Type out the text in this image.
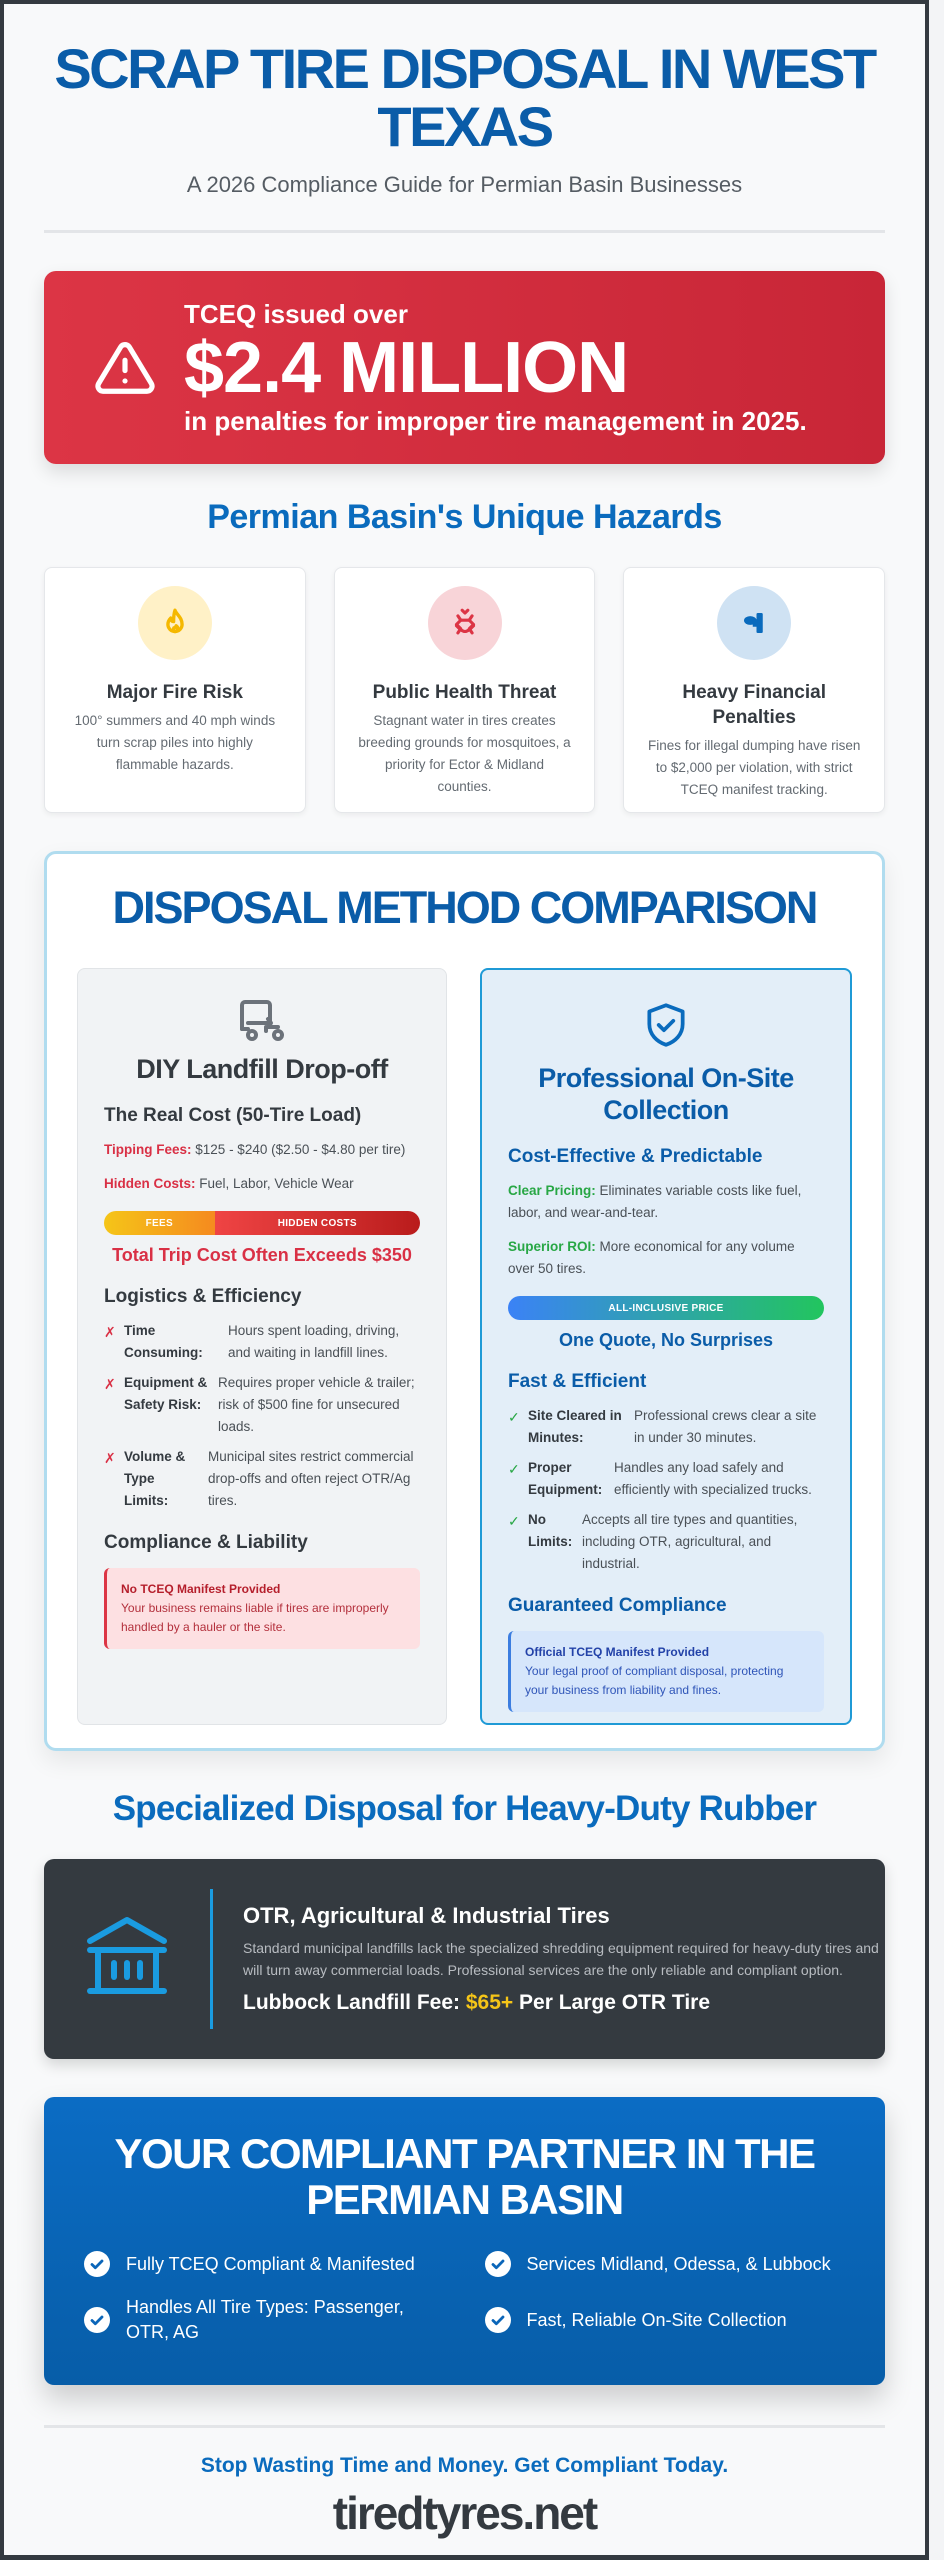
SCRAP TIRE DISPOSAL IN WEST TEXAS
A 2026 Compliance Guide for Permian Basin Businesses
TCEQ issued over
$2.4 MILLION
in penalties for improper tire management in 2025.
Permian Basin's Unique Hazards
Major Fire Risk
100° summers and 40 mph winds turn scrap piles into highly flammable hazards.
Public Health Threat
Stagnant water in tires creates breeding grounds for mosquitoes, a priority for Ector & Midland counties.
Heavy Financial Penalties
Fines for illegal dumping have risen to $2,000 per violation, with strict TCEQ manifest tracking.
DISPOSAL METHOD COMPARISON
DIY Landfill Drop-off
The Real Cost (50-Tire Load)
Tipping Fees: $125 - $240 ($2.50 - $4.80 per tire)
Hidden Costs: Fuel, Labor, Vehicle Wear
FEES	HIDDEN COSTS
Total Trip Cost Often Exceeds $350
Logistics & Efficiency
✗ Time Consuming:
Hours spent loading, driving, and waiting in landfill lines.
✗ Equipment & Safety Risk:
Requires proper vehicle & trailer; risk of $500 fine for unsecured loads.
✗ Volume & Type Limits:
Municipal sites restrict commercial drop-offs and often reject OTR/Ag tires.
Compliance & Liability
No TCEQ Manifest Provided
Your business remains liable if tires are improperly handled by a hauler or the site.
Professional On-Site Collection
Cost-Effective & Predictable
Clear Pricing: Eliminates variable costs like fuel, labor, and wear-and-tear.
Superior ROI: More economical for any volume over 50 tires.
ALL-INCLUSIVE PRICE
One Quote, No Surprises
Fast & Efficient
✓ Site Cleared in Minutes:
Professional crews clear a site in under 30 minutes.
✓ Proper Equipment:
Handles any load safely and efficiently with specialized trucks.
✓ No Limits:
Accepts all tire types and quantities, including OTR, agricultural, and industrial.
Guaranteed Compliance
Official TCEQ Manifest Provided
Your legal proof of compliant disposal, protecting your business from liability and fines.
Specialized Disposal for Heavy-Duty Rubber
OTR, Agricultural & Industrial Tires
Standard municipal landfills lack the specialized shredding equipment required for heavy-duty tires and will turn away commercial loads. Professional services are the only reliable and compliant option.
Lubbock Landfill Fee: $65+ Per Large OTR Tire
YOUR COMPLIANT PARTNER IN THE PERMIAN BASIN
Fully TCEQ Compliant & Manifested	Services Midland, Odessa, & Lubbock
Handles All Tire Types: Passenger, OTR, AG
Fast, Reliable On-Site Collection
Stop Wasting Time and Money. Get Compliant Today.
tiredtyres.net
